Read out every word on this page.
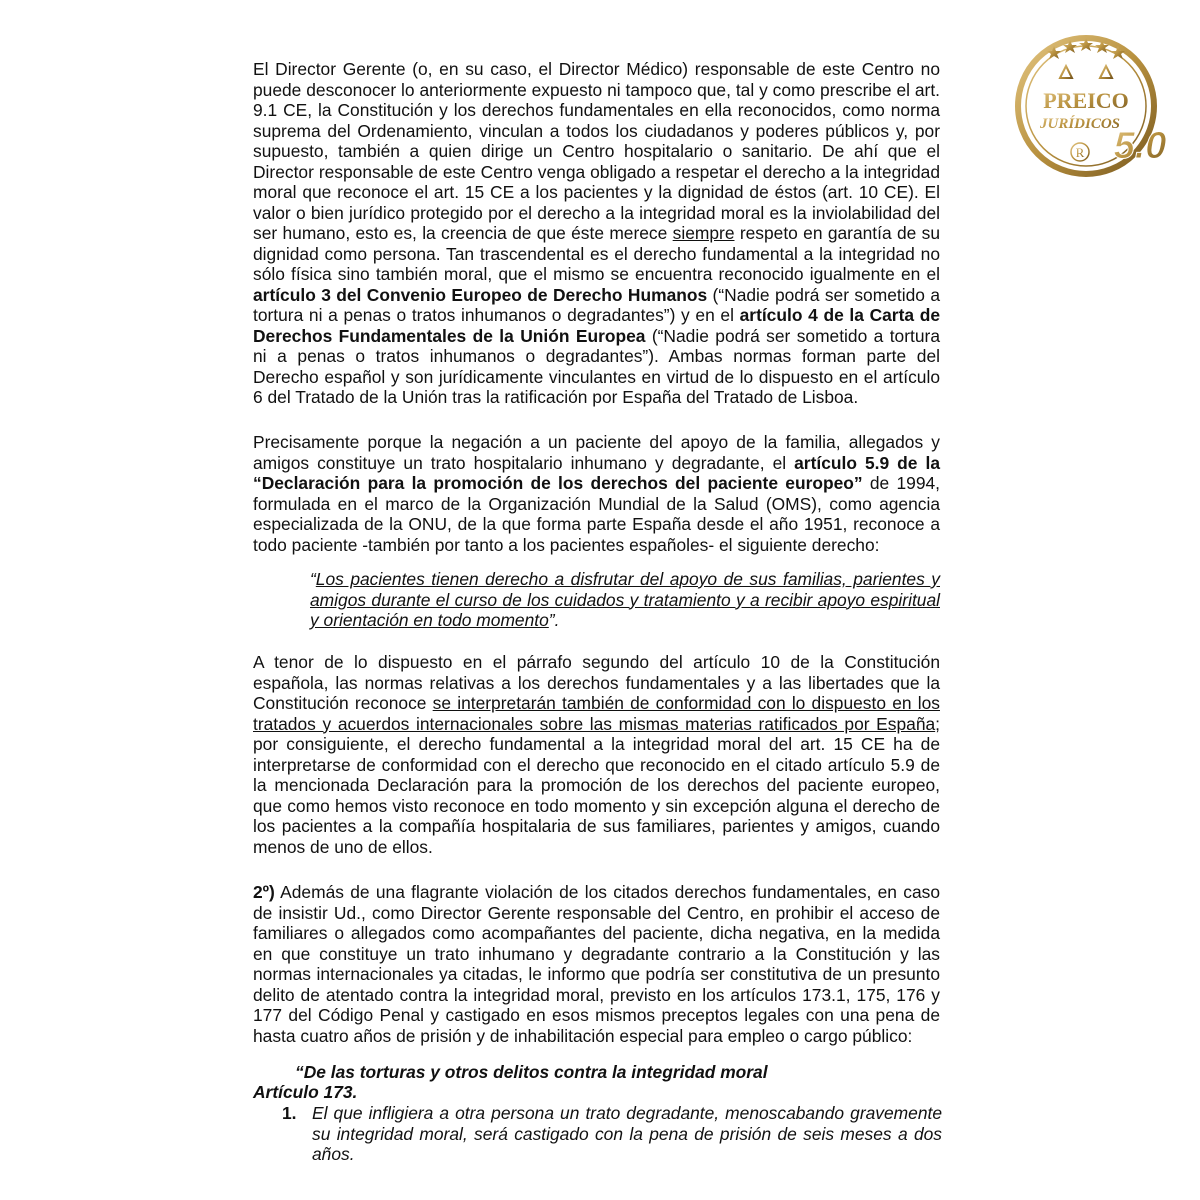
PREICO
JURÍDICOS
R 5.0

El Director Gerente (o, en su caso, el Director Médico) responsable de este Centro no puede desconocer lo anteriormente expuesto ni tampoco que, tal y como prescribe el art. 9.1 CE, la Constitución y los derechos fundamentales en ella reconocidos, como norma suprema del Ordenamiento, vinculan a todos los ciudadanos y poderes públicos y, por supuesto, también a quien dirige un Centro hospitalario o sanitario. De ahí que el Director responsable de este Centro venga obligado a respetar el derecho a la integridad moral que reconoce el art. 15 CE a los pacientes y la dignidad de éstos (art. 10 CE). El valor o bien jurídico protegido por el derecho a la integridad moral es la inviolabilidad del ser humano, esto es, la creencia de que éste merece siempre respeto en garantía de su dignidad como persona. Tan trascendental es el derecho fundamental a la integridad no sólo física sino también moral, que el mismo se encuentra reconocido igualmente en el artículo 3 del Convenio Europeo de Derecho Humanos (“Nadie podrá ser sometido a tortura ni a penas o tratos inhumanos o degradantes”) y en el artículo 4 de la Carta de Derechos Fundamentales de la Unión Europea (“Nadie podrá ser sometido a tortura ni a penas o tratos inhumanos o degradantes”). Ambas normas forman parte del Derecho español y son jurídicamente vinculantes en virtud de lo dispuesto en el artículo 6 del Tratado de la Unión tras la ratificación por España del Tratado de Lisboa.

Precisamente porque la negación a un paciente del apoyo de la familia, allegados y amigos constituye un trato hospitalario inhumano y degradante, el artículo 5.9 de la “Declaración para la promoción de los derechos del paciente europeo” de 1994, formulada en el marco de la Organización Mundial de la Salud (OMS), como agencia especializada de la ONU, de la que forma parte España desde el año 1951, reconoce a todo paciente -también por tanto a los pacientes españoles- el siguiente derecho:

“Los pacientes tienen derecho a disfrutar del apoyo de sus familias, parientes y amigos durante el curso de los cuidados y tratamiento y a recibir apoyo espiritual y orientación en todo momento”.

A tenor de lo dispuesto en el párrafo segundo del artículo 10 de la Constitución española, las normas relativas a los derechos fundamentales y a las libertades que la Constitución reconoce se interpretarán también de conformidad con lo dispuesto en los tratados y acuerdos internacionales sobre las mismas materias ratificados por España; por consiguiente, el derecho fundamental a la integridad moral del art. 15 CE ha de interpretarse de conformidad con el derecho que reconocido en el citado artículo 5.9 de la mencionada Declaración para la promoción de los derechos del paciente europeo, que como hemos visto reconoce en todo momento y sin excepción alguna el derecho de los pacientes a la compañía hospitalaria de sus familiares, parientes y amigos, cuando menos de uno de ellos.

2º) Además de una flagrante violación de los citados derechos fundamentales, en caso de insistir Ud., como Director Gerente responsable del Centro, en prohibir el acceso de familiares o allegados como acompañantes del paciente, dicha negativa, en la medida en que constituye un trato inhumano y degradante contrario a la Constitución y las normas internacionales ya citadas, le informo que podría ser constitutiva de un presunto delito de atentado contra la integridad moral, previsto en los artículos 173.1, 175, 176 y 177 del Código Penal y castigado en esos mismos preceptos legales con una pena de hasta cuatro años de prisión y de inhabilitación especial para empleo o cargo público:

“De las torturas y otros delitos contra la integridad moral
Artículo 173.
1. El que infligiera a otra persona un trato degradante, menoscabando gravemente su integridad moral, será castigado con la pena de prisión de seis meses a dos años.
